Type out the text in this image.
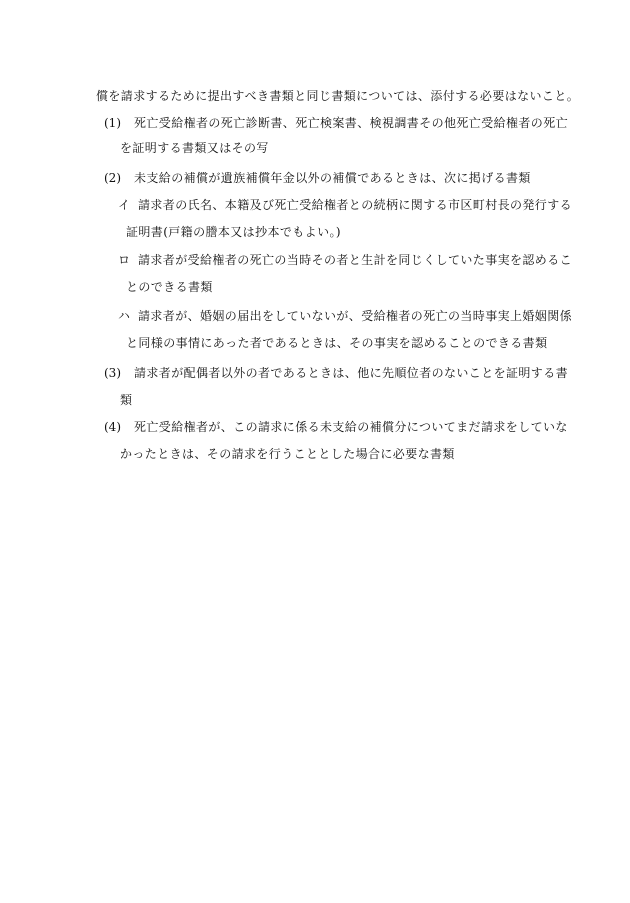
償を請求するために提出すべき書類と同じ書類については、添付する必要はないこと。
(1) 死亡受給権者の死亡診断書、死亡検案書、検視調書その他死亡受給権者の死亡
を証明する書類又はその写
(2) 未支給の補償が遺族補償年金以外の補償であるときは、次に掲げる書類
イ 請求者の氏名、本籍及び死亡受給権者との続柄に関する市区町村長の発行する
証明書(戸籍の謄本又は抄本でもよい。)
ロ 請求者が受給権者の死亡の当時その者と生計を同じくしていた事実を認めるこ
とのできる書類
ハ 請求者が、婚姻の届出をしていないが、受給権者の死亡の当時事実上婚姻関係
と同様の事情にあった者であるときは、その事実を認めることのできる書類
(3) 請求者が配偶者以外の者であるときは、他に先順位者のないことを証明する書
類
(4) 死亡受給権者が、この請求に係る未支給の補償分についてまだ請求をしていな
かったときは、その請求を行うこととした場合に必要な書類
